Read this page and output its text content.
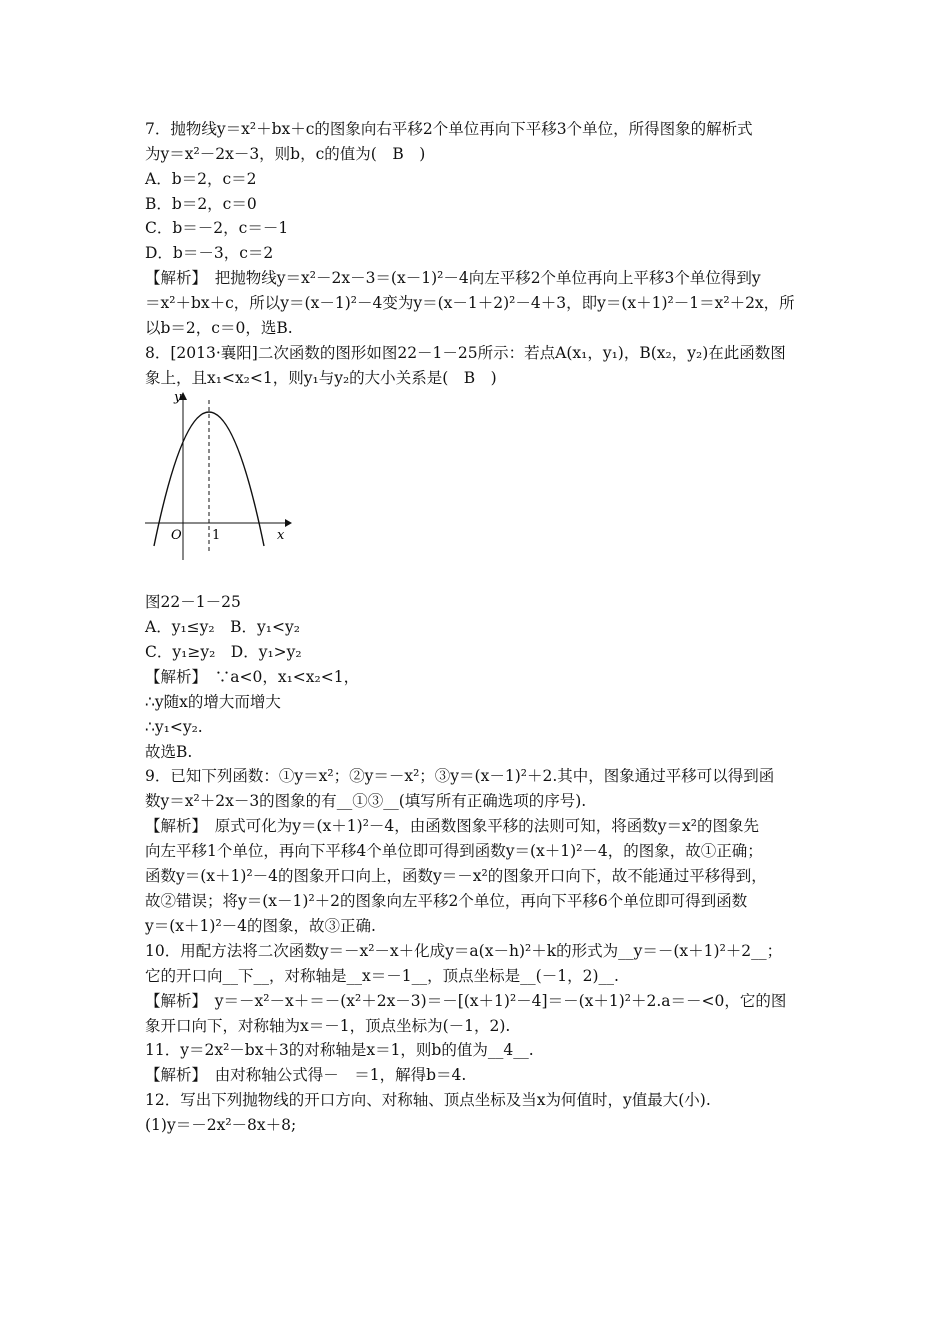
7．抛物线y＝x²＋bx＋c的图象向右平移2个单位再向下平移3个单位，所得图象的解析式
为y＝x²－2x－3，则b，c的值为(　B　)
A．b＝2，c＝2
B．b＝2，c＝0
C．b＝－2，c＝－1
D．b＝－3，c＝2
【解析】　把抛物线y＝x²－2x－3＝(x－1)²－4向左平移2个单位再向上平移3个单位得到y
＝x²＋bx＋c，所以y＝(x－1)²－4变为y＝(x－1＋2)²－4＋3，即y＝(x＋1)²－1＝x²＋2x，所
以b＝2，c＝0，选B.
8．[2013·襄阳]二次函数的图形如图22－1－25所示：若点A(x₁，y₁)，B(x₂，y₂)在此函数图
象上，且x₁<x₂<1，则y₁与y₂的大小关系是(　B　)
y
x
O 1
图22－1－25
A．y₁≤y₂　B．y₁<y₂
C．y₁≥y₂　D．y₁>y₂
【解析】　∵a<0，x₁<x₂<1，
∴y随x的增大而增大
∴y₁<y₂.
故选B.
9．已知下列函数：①y＝x²；②y＝－x²；③y＝(x－1)²＋2.其中，图象通过平移可以得到函
数y＝x²＋2x－3的图象的有__①③__(填写所有正确选项的序号).
【解析】　原式可化为y＝(x＋1)²－4，由函数图象平移的法则可知，将函数y＝x²的图象先
向左平移1个单位，再向下平移4个单位即可得到函数y＝(x＋1)²－4，的图象，故①正确；
函数y＝(x＋1)²－4的图象开口向上，函数y＝－x²的图象开口向下，故不能通过平移得到，
故②错误；将y＝(x－1)²＋2的图象向左平移2个单位，再向下平移6个单位即可得到函数
y＝(x＋1)²－4的图象，故③正确.
10．用配方法将二次函数y＝－x²－x＋化成y＝a(x－h)²＋k的形式为__y＝－(x＋1)²＋2__；
它的开口向__下__，对称轴是__x＝－1__，顶点坐标是__(－1，2)__.
【解析】　y＝－x²－x＋＝－(x²＋2x－3)＝－[(x＋1)²－4]＝－(x＋1)²＋2.a＝－<0，它的图
象开口向下，对称轴为x＝－1，顶点坐标为(－1，2).
11．y＝2x²－bx＋3的对称轴是x＝1，则b的值为__4__.
【解析】　由对称轴公式得－　＝1，解得b＝4.
12．写出下列抛物线的开口方向、对称轴、顶点坐标及当x为何值时，y值最大(小).
(1)y＝－2x²－8x＋8;
